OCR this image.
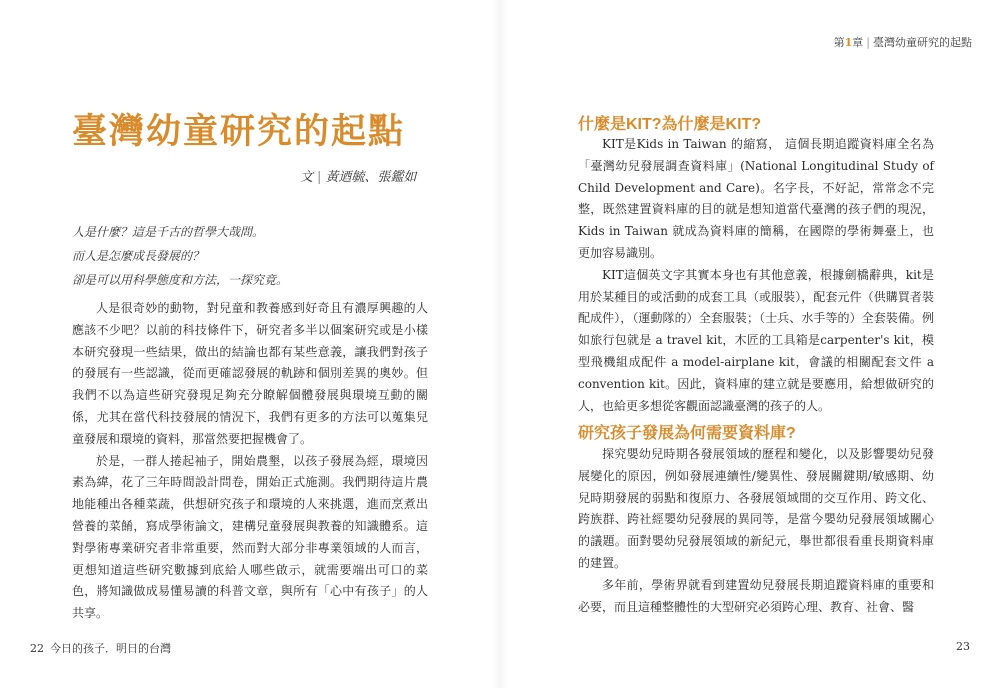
臺灣幼童研究的起點
文 | 黃迺毓、張鑑如
人是什麼？這是千古的哲學大哉問。
而人是怎麼成長發展的？
卻是可以用科學態度和方法，一探究竟。

人是很奇妙的動物，對兒童和教養感到好奇且有濃厚興趣的人應該不少吧？以前的科技條件下，研究者多半以個案研究或是小樣本研究發現一些結果，做出的結論也都有某些意義，讓我們對孩子的發展有一些認識，從而更確認發展的軌跡和個別差異的奧妙。但我們不以為這些研究發現足夠充分瞭解個體發展與環境互動的關係，尤其在當代科技發展的情況下，我們有更多的方法可以蒐集兒童發展和環境的資料，那當然要把握機會了。

於是，一群人捲起袖子，開始農墾，以孩子發展為經，環境因素為緯，花了三年時間設計問卷，開始正式施測。我們期待這片農地能種出各種菜蔬，供想研究孩子和環境的人來挑選，進而烹煮出營養的菜餚，寫成學術論文，建構兒童發展與教養的知識體系。這對學術專業研究者非常重要，然而對大部分非專業領域的人而言，更想知道這些研究數據到底給人哪些啟示，就需要端出可口的菜色，將知識做成易懂易讀的科普文章，與所有「心中有孩子」的人共享。

22 今日的孩子．明日的台灣
第1章 | 臺灣幼童研究的起點
什麼是KIT?為什麼是KIT?

KIT是Kids in Taiwan 的縮寫， 這個長期追蹤資料庫全名為「臺灣幼兒發展調查資料庫」(National Longitudinal Study of Child Development and Care)。名字長，不好記，常常念不完整，既然建置資料庫的目的就是想知道當代臺灣的孩子們的現況，Kids in Taiwan 就成為資料庫的簡稱，在國際的學術舞臺上，也更加容易識別。

KIT這個英文字其實本身也有其他意義，根據劍橋辭典，kit是用於某種目的或活動的成套工具（或服裝），配套元件（供購買者裝配成件），（運動隊的）全套服裝；（士兵、水手等的）全套裝備。例如旅行包就是 a travel kit，木匠的工具箱是carpenter's kit，模型飛機組成配件 a model-airplane kit，會議的相關配套文件 a convention kit。因此，資料庫的建立就是要應用，給想做研究的人，也給更多想從客觀面認識臺灣的孩子的人。

研究孩子發展為何需要資料庫?

探究嬰幼兒時期各發展領域的歷程和變化，以及影響嬰幼兒發展變化的原因，例如發展連續性/變異性、發展關鍵期/敏感期、幼兒時期發展的弱點和復原力、各發展領域間的交互作用、跨文化、跨族群、跨社經嬰幼兒發展的異同等，是當今嬰幼兒發展領域關心的議題。面對嬰幼兒發展領域的新紀元，舉世都很看重長期資料庫的建置。

多年前，學術界就看到建置幼兒發展長期追蹤資料庫的重要和必要，而且這種整體性的大型研究必須跨心理、教育、社會、醫

23
